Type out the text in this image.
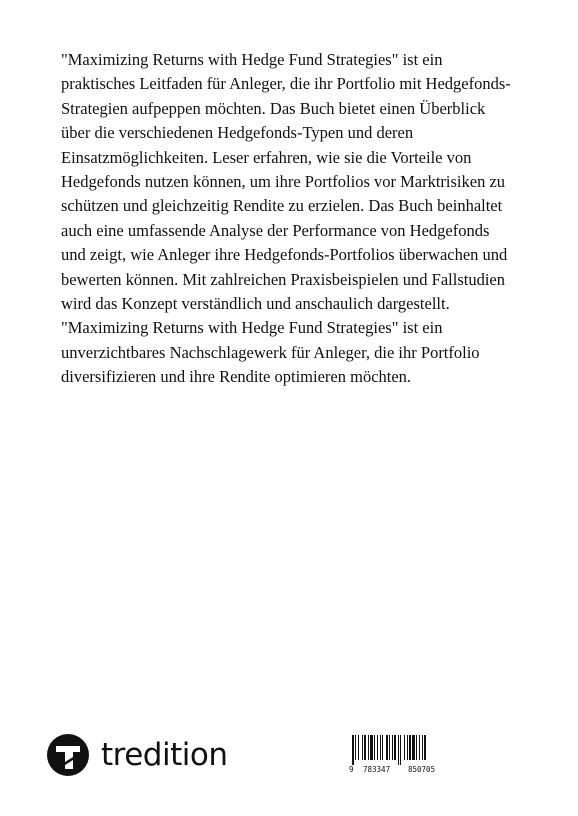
"Maximizing Returns with Hedge Fund Strategies" ist ein praktisches Leitfaden für Anleger, die ihr Portfolio mit Hedgefonds-Strategien aufpeppen möchten. Das Buch bietet einen Überblick über die verschiedenen Hedgefonds-Typen und deren Einsatzmöglichkeiten. Leser erfahren, wie sie die Vorteile von Hedgefonds nutzen können, um ihre Portfolios vor Marktrisiken zu schützen und gleichzeitig Rendite zu erzielen. Das Buch beinhaltet auch eine umfassende Analyse der Performance von Hedgefonds und zeigt, wie Anleger ihre Hedgefonds-Portfolios überwachen und bewerten können. Mit zahlreichen Praxisbeispielen und Fallstudien wird das Konzept verständlich und anschaulich dargestellt.

"Maximizing Returns with Hedge Fund Strategies" ist ein unverzichtbares Nachschlagewerk für Anleger, die ihr Portfolio diversifizieren und ihre Rendite optimieren möchten.

tredition	9 783347 850705
